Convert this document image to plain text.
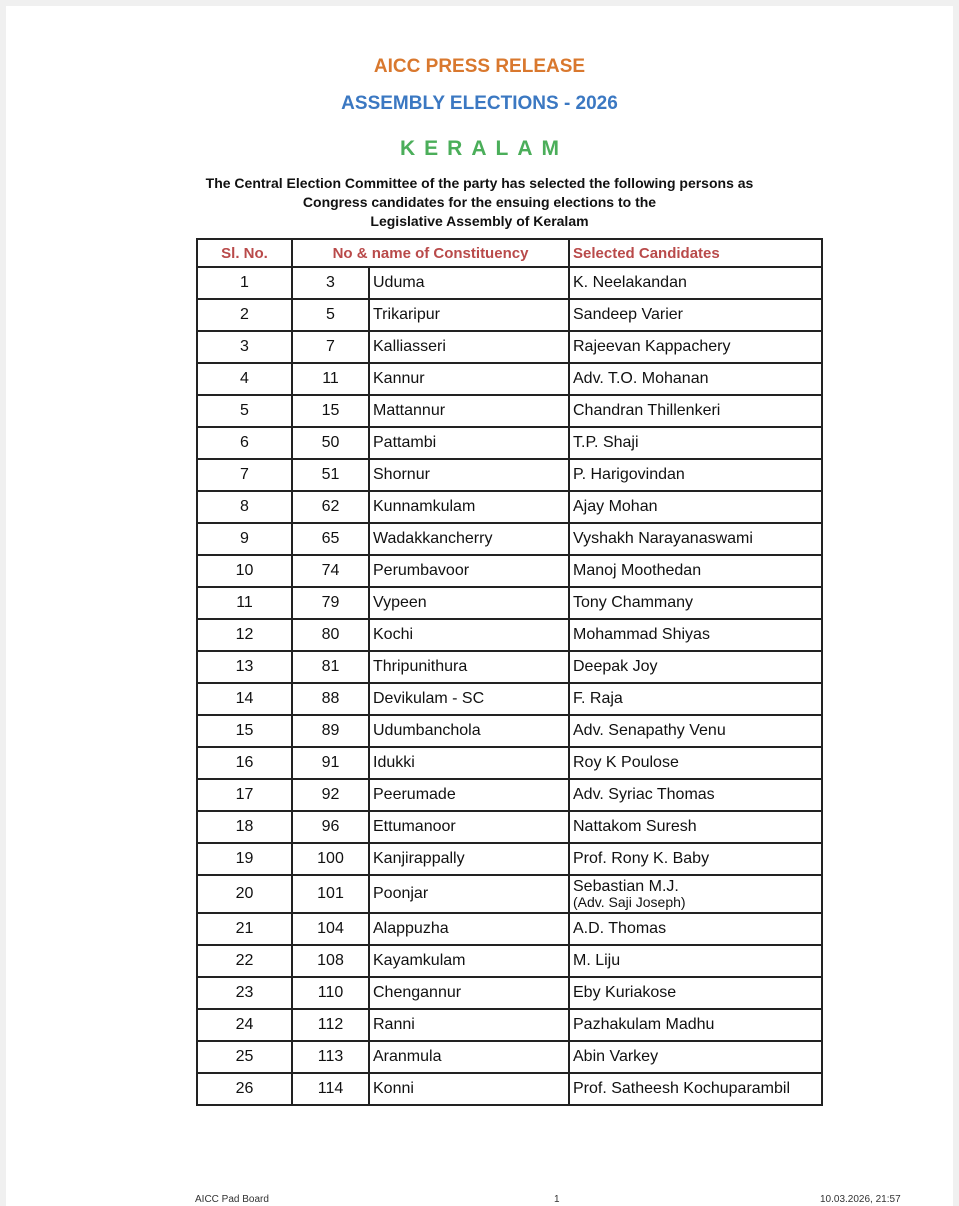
AICC PRESS RELEASE
ASSEMBLY ELECTIONS - 2026
KERALAM
The Central Election Committee of the party has selected the following persons as
Congress candidates for the ensuing elections to the
Legislative Assembly of Keralam
Sl. No.	No & name of Constituency		Selected Candidates
1	3	Uduma	K. Neelakandan
2	5	Trikaripur	Sandeep Varier
3	7	Kalliasseri	Rajeevan Kappachery
4	11	Kannur	Adv. T.O. Mohanan
5	15	Mattannur	Chandran Thillenkeri
6	50	Pattambi	T.P. Shaji
7	51	Shornur	P. Harigovindan
8	62	Kunnamkulam	Ajay Mohan
9	65	Wadakkancherry	Vyshakh Narayanaswami
10	74	Perumbavoor	Manoj Moothedan
11	79	Vypeen	Tony Chammany
12	80	Kochi	Mohammad Shiyas
13	81	Thripunithura	Deepak Joy
14	88	Devikulam - SC	F. Raja
15	89	Udumbanchola	Adv. Senapathy Venu
16	91	Idukki	Roy K Poulose
17	92	Peerumade	Adv. Syriac Thomas
18	96	Ettumanoor	Nattakom Suresh
19	100	Kanjirappally	Prof. Rony K. Baby
20	101	Poonjar	Sebastian M.J.
(Adv. Saji Joseph)

21	104	Alappuzha	A.D. Thomas
22	108	Kayamkulam	M. Liju
23	110	Chengannur	Eby Kuriakose
24	112	Ranni	Pazhakulam Madhu
25	113	Aranmula	Abin Varkey
26	114	Konni	Prof. Satheesh Kochuparambil
AICC Pad Board	1	10.03.2026, 21:57
